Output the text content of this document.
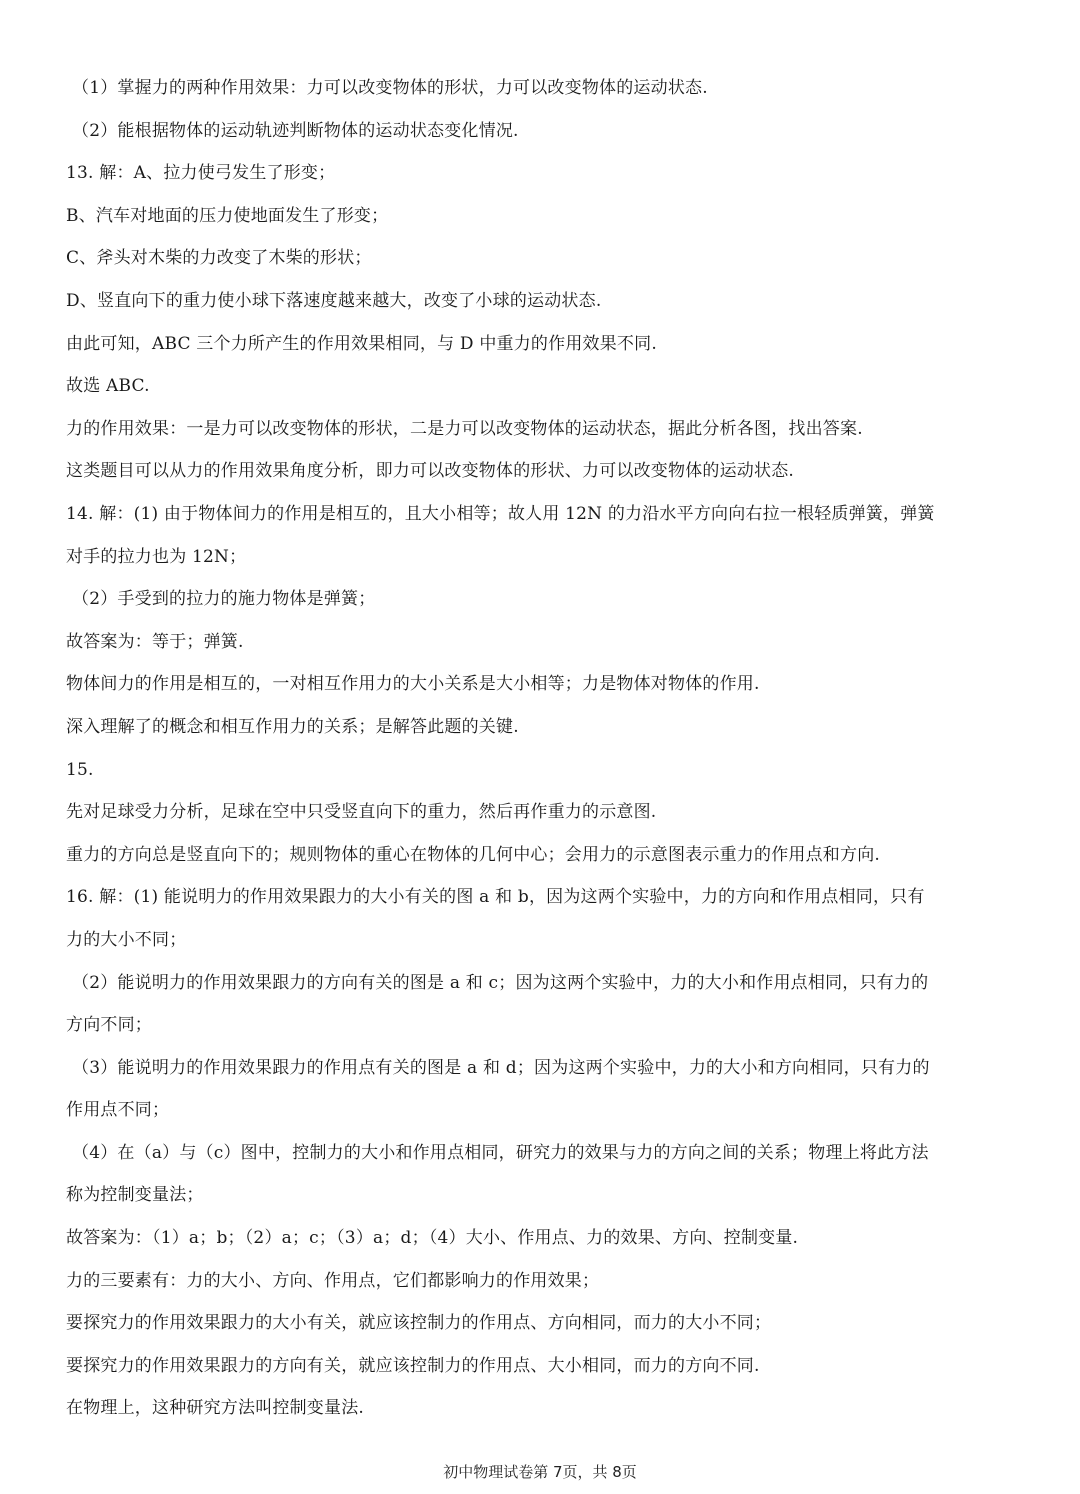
（1）掌握力的两种作用效果：力可以改变物体的形状，力可以改变物体的运动状态.
（2）能根据物体的运动轨迹判断物体的运动状态变化情况.
13. 解：A、拉力使弓发生了形变；
B、汽车对地面的压力使地面发生了形变；
C、斧头对木柴的力改变了木柴的形状；
D、竖直向下的重力使小球下落速度越来越大，改变了小球的运动状态.
由此可知，ABC 三个力所产生的作用效果相同，与 D 中重力的作用效果不同.
故选 ABC.
力的作用效果：一是力可以改变物体的形状，二是力可以改变物体的运动状态，据此分析各图，找出答案.
这类题目可以从力的作用效果角度分析，即力可以改变物体的形状、力可以改变物体的运动状态.
14. 解：(1) 由于物体间力的作用是相互的，且大小相等；故人用 12N 的力沿水平方向向右拉一根轻质弹簧，弹簧
对手的拉力也为 12N；
（2）手受到的拉力的施力物体是弹簧；
故答案为：等于；弹簧.
物体间力的作用是相互的，一对相互作用力的大小关系是大小相等；力是物体对物体的作用.
深入理解了的概念和相互作用力的关系；是解答此题的关键.
15.
先对足球受力分析，足球在空中只受竖直向下的重力，然后再作重力的示意图.
重力的方向总是竖直向下的；规则物体的重心在物体的几何中心；会用力的示意图表示重力的作用点和方向.
16. 解：(1) 能说明力的作用效果跟力的大小有关的图 a 和 b，因为这两个实验中，力的方向和作用点相同，只有
力的大小不同；
（2）能说明力的作用效果跟力的方向有关的图是 a 和 c；因为这两个实验中，力的大小和作用点相同，只有力的
方向不同；
（3）能说明力的作用效果跟力的作用点有关的图是 a 和 d；因为这两个实验中，力的大小和方向相同，只有力的
作用点不同；
（4）在（a）与（c）图中，控制力的大小和作用点相同，研究力的效果与力的方向之间的关系；物理上将此方法
称为控制变量法；
故答案为：（1）a；b；（2）a；c；（3）a；d；（4）大小、作用点、力的效果、方向、控制变量.
力的三要素有：力的大小、方向、作用点，它们都影响力的作用效果；
要探究力的作用效果跟力的大小有关，就应该控制力的作用点、方向相同，而力的大小不同；
要探究力的作用效果跟力的方向有关，就应该控制力的作用点、大小相同，而力的方向不同.
在物理上，这种研究方法叫控制变量法.
初中物理试卷第 7页，共 8页
